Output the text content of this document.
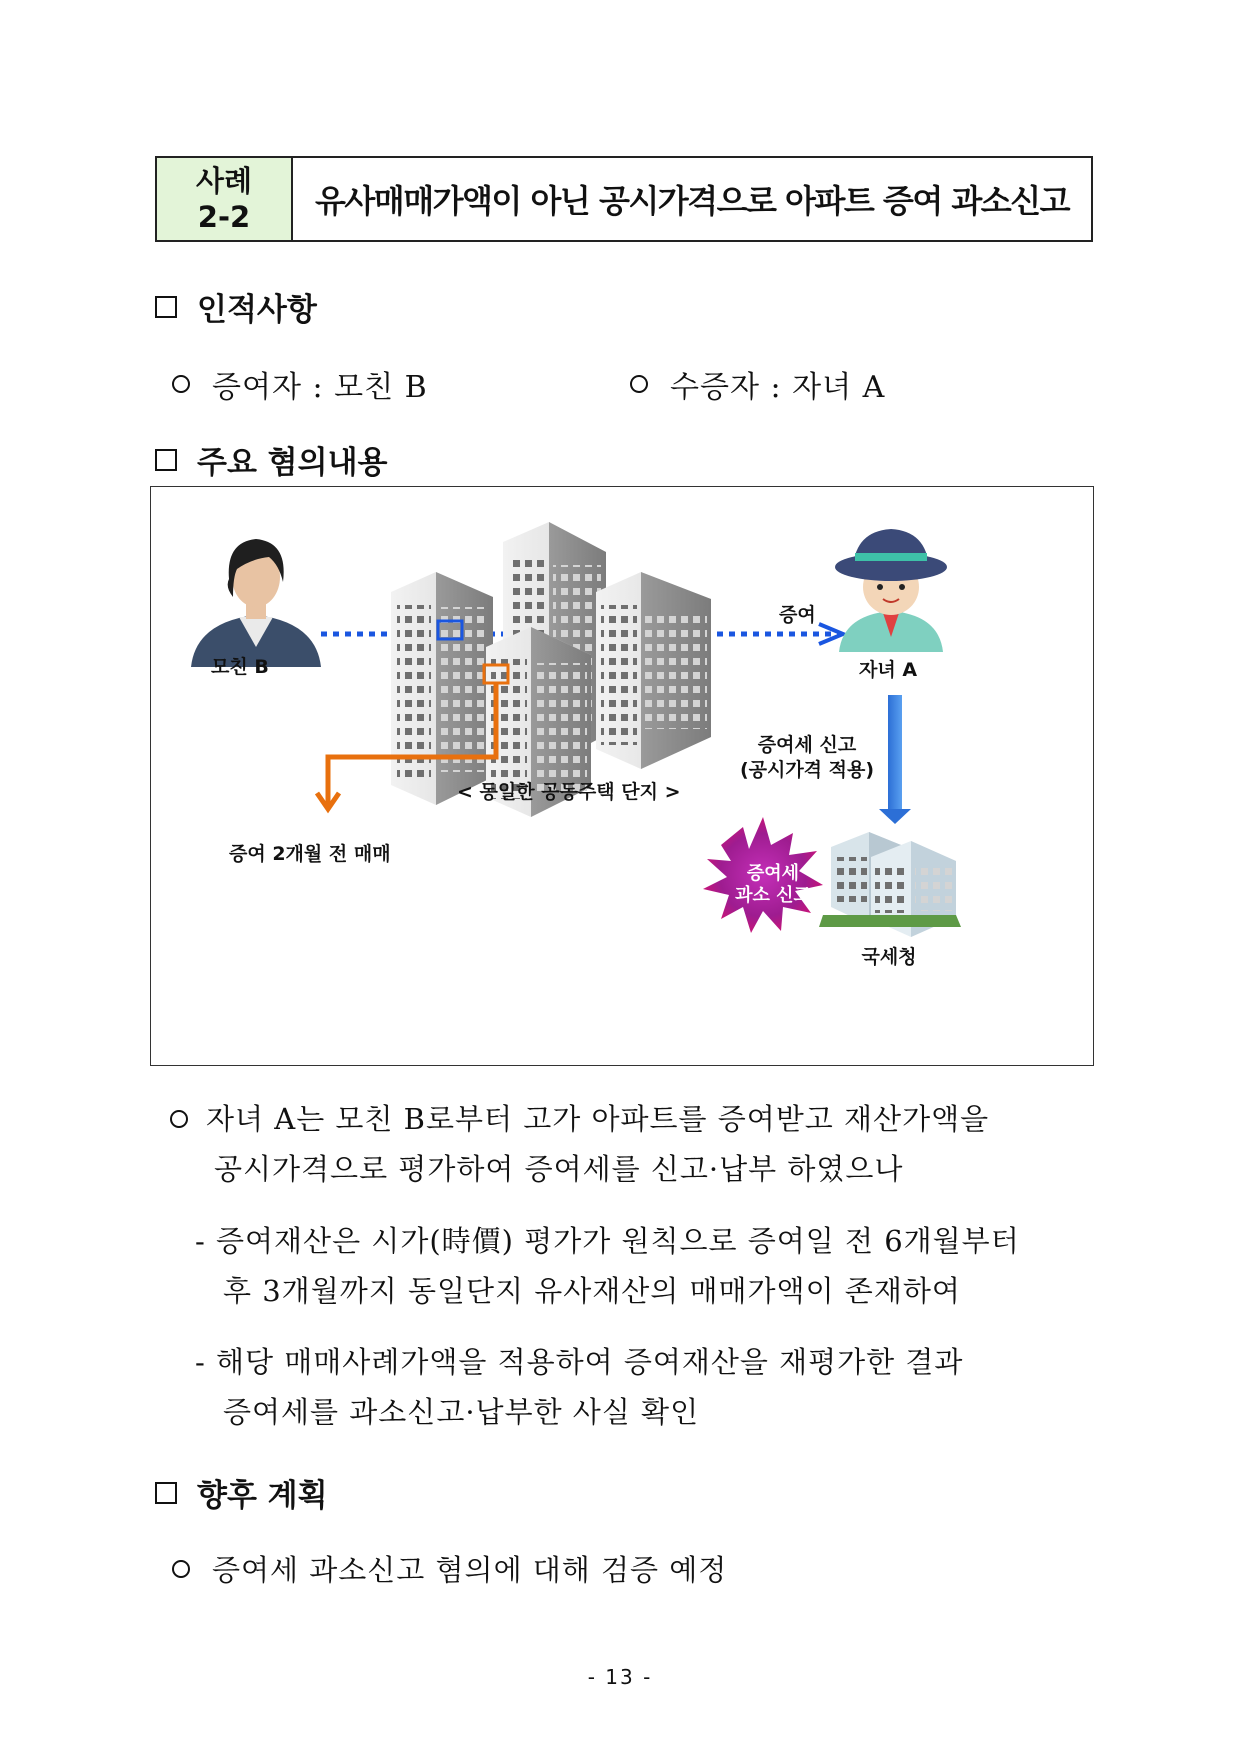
사례
2-2	유사매매가액이 아닌 공시가격으로 아파트 증여 과소신고
인적사항
증여자 : 모친 B	수증자 : 자녀 A
주요 혐의내용
모친 B	자녀 A
증여
< 동일한 공동주택 단지 >
증여 2개월 전 매매
증여세 신고
(공시가격 적용)
증여세
과소 신고
국세청
자녀 A는 모친 B로부터 고가 아파트를 증여받고 재산가액을
공시가격으로 평가하여 증여세를 신고·납부 하였으나
- 증여재산은 시가(時價) 평가가 원칙으로 증여일 전 6개월부터
후 3개월까지 동일단지 유사재산의 매매가액이 존재하여
- 해당 매매사례가액을 적용하여 증여재산을 재평가한 결과
증여세를 과소신고·납부한 사실 확인
향후 계획
증여세 과소신고 혐의에 대해 검증 예정
- 13 -
